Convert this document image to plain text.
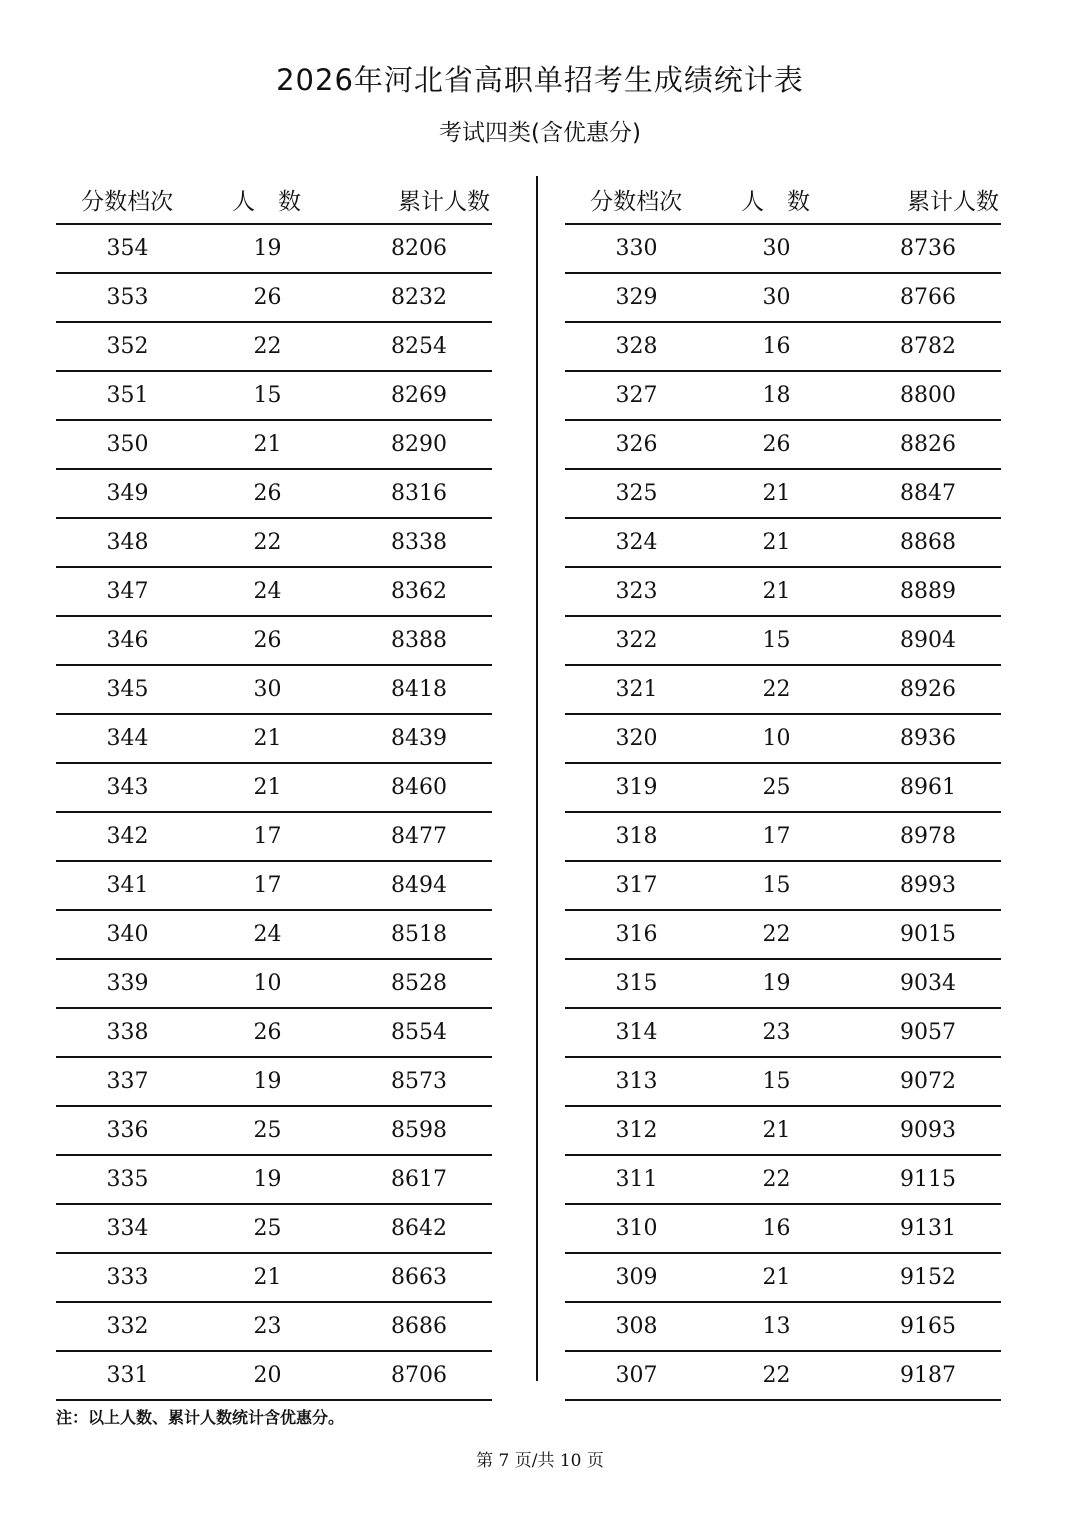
2026年河北省高职单招考生成绩统计表
考试四类(含优惠分)
分数档次	人　数	累计人数
354	19	8206
353	26	8232
352	22	8254
351	15	8269
350	21	8290
349	26	8316
348	22	8338
347	24	8362
346	26	8388
345	30	8418
344	21	8439
343	21	8460
342	17	8477
341	17	8494
340	24	8518
339	10	8528
338	26	8554
337	19	8573
336	25	8598
335	19	8617
334	25	8642
333	21	8663
332	23	8686
331	20	8706
分数档次	人　数	累计人数
330	30	8736
329	30	8766
328	16	8782
327	18	8800
326	26	8826
325	21	8847
324	21	8868
323	21	8889
322	15	8904
321	22	8926
320	10	8936
319	25	8961
318	17	8978
317	15	8993
316	22	9015
315	19	9034
314	23	9057
313	15	9072
312	21	9093
311	22	9115
310	16	9131
309	21	9152
308	13	9165
307	22	9187
注：以上人数、累计人数统计含优惠分。
第 7 页/共 10 页
